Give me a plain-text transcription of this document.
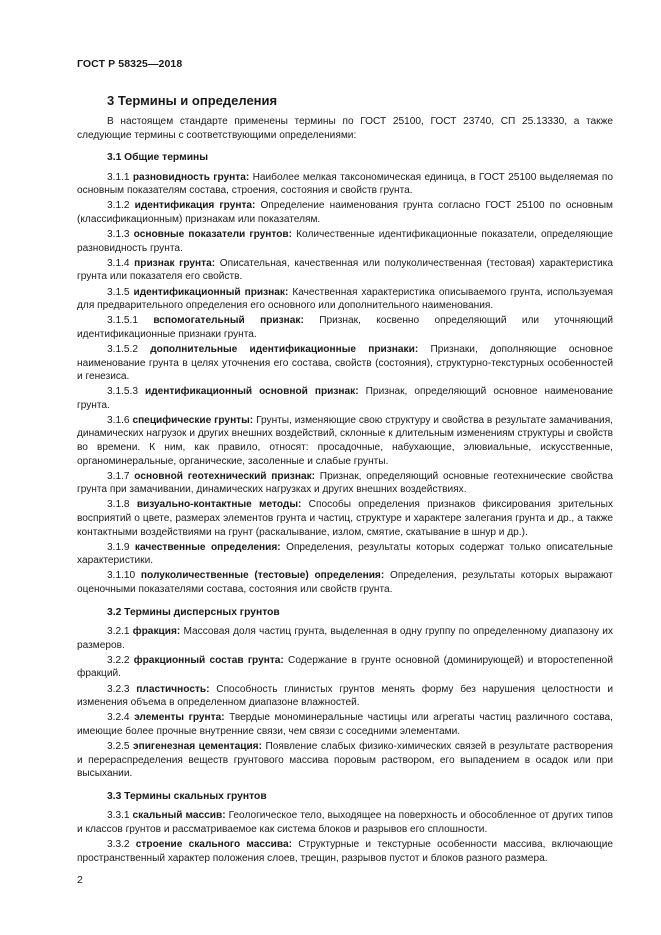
ГОСТ Р 58325—2018
3 Термины и определения

В настоящем стандарте применены термины по ГОСТ 25100, ГОСТ 23740, СП 25.13330, а также следующие термины с соответствующими определениями:

3.1 Общие термины

3.1.1 разновидность грунта: Наиболее мелкая таксономическая единица, в ГОСТ 25100 выделяемая по основным показателям состава, строения, состояния и свойств грунта.

3.1.2 идентификация грунта: Определение наименования грунта согласно ГОСТ 25100 по основным (классификационным) признакам или показателям.

3.1.3 основные показатели грунтов: Количественные идентификационные показатели, определяющие разновидность грунта.

3.1.4 признак грунта: Описательная, качественная или полуколичественная (тестовая) характеристика грунта или показателя его свойств.

3.1.5 идентификационный признак: Качественная характеристика описываемого грунта, используемая для предварительного определения его основного или дополнительного наименования.

3.1.5.1 вспомогательный признак: Признак, косвенно определяющий или уточняющий идентификационные признаки грунта.

3.1.5.2 дополнительные идентификационные признаки: Признаки, дополняющие основное наименование грунта в целях уточнения его состава, свойств (состояния), структурно-текстурных особенностей и генезиса.

3.1.5.3 идентификационный основной признак: Признак, определяющий основное наименование грунта.

3.1.6 специфические грунты: Грунты, изменяющие свою структуру и свойства в результате замачивания, динамических нагрузок и других внешних воздействий, склонные к длительным изменениям структуры и свойств во времени. К ним, как правило, относят: просадочные, набухающие, элювиальные, искусственные, органоминеральные, органические, засоленные и слабые грунты.

3.1.7 основной геотехнический признак: Признак, определяющий основные геотехнические свойства грунта при замачивании, динамических нагрузках и других внешних воздействиях.

3.1.8 визуально-контактные методы: Способы определения признаков фиксирования зрительных восприятий о цвете, размерах элементов грунта и частиц, структуре и характере залегания грунта и др., а также контактными воздействиями на грунт (раскалывание, излом, смятие, скатывание в шнур и др.).

3.1.9 качественные определения: Определения, результаты которых содержат только описательные характеристики.

3.1.10 полуколичественные (тестовые) определения: Определения, результаты которых выражают оценочными показателями состава, состояния или свойств грунта.

3.2 Термины дисперсных грунтов

3.2.1 фракция: Массовая доля частиц грунта, выделенная в одну группу по определенному диапазону их размеров.

3.2.2 фракционный состав грунта: Содержание в грунте основной (доминирующей) и второстепенной фракций.

3.2.3 пластичность: Способность глинистых грунтов менять форму без нарушения целостности и изменения объема в определенном диапазоне влажностей.

3.2.4 элементы грунта: Твердые мономинеральные частицы или агрегаты частиц различного состава, имеющие более прочные внутренние связи, чем связи с соседними элементами.

3.2.5 эпигенезная цементация: Появление слабых физико-химических связей в результате растворения и перераспределения веществ грунтового массива поровым раствором, его выпадением в осадок или при высыхании.

3.3 Термины скальных грунтов

3.3.1 скальный массив: Геологическое тело, выходящее на поверхность и обособленное от других типов и классов грунтов и рассматриваемое как система блоков и разрывов его сплошности.

3.3.2 строение скального массива: Структурные и текстурные особенности массива, включающие пространственный характер положения слоев, трещин, разрывов пустот и блоков разного размера.

2
